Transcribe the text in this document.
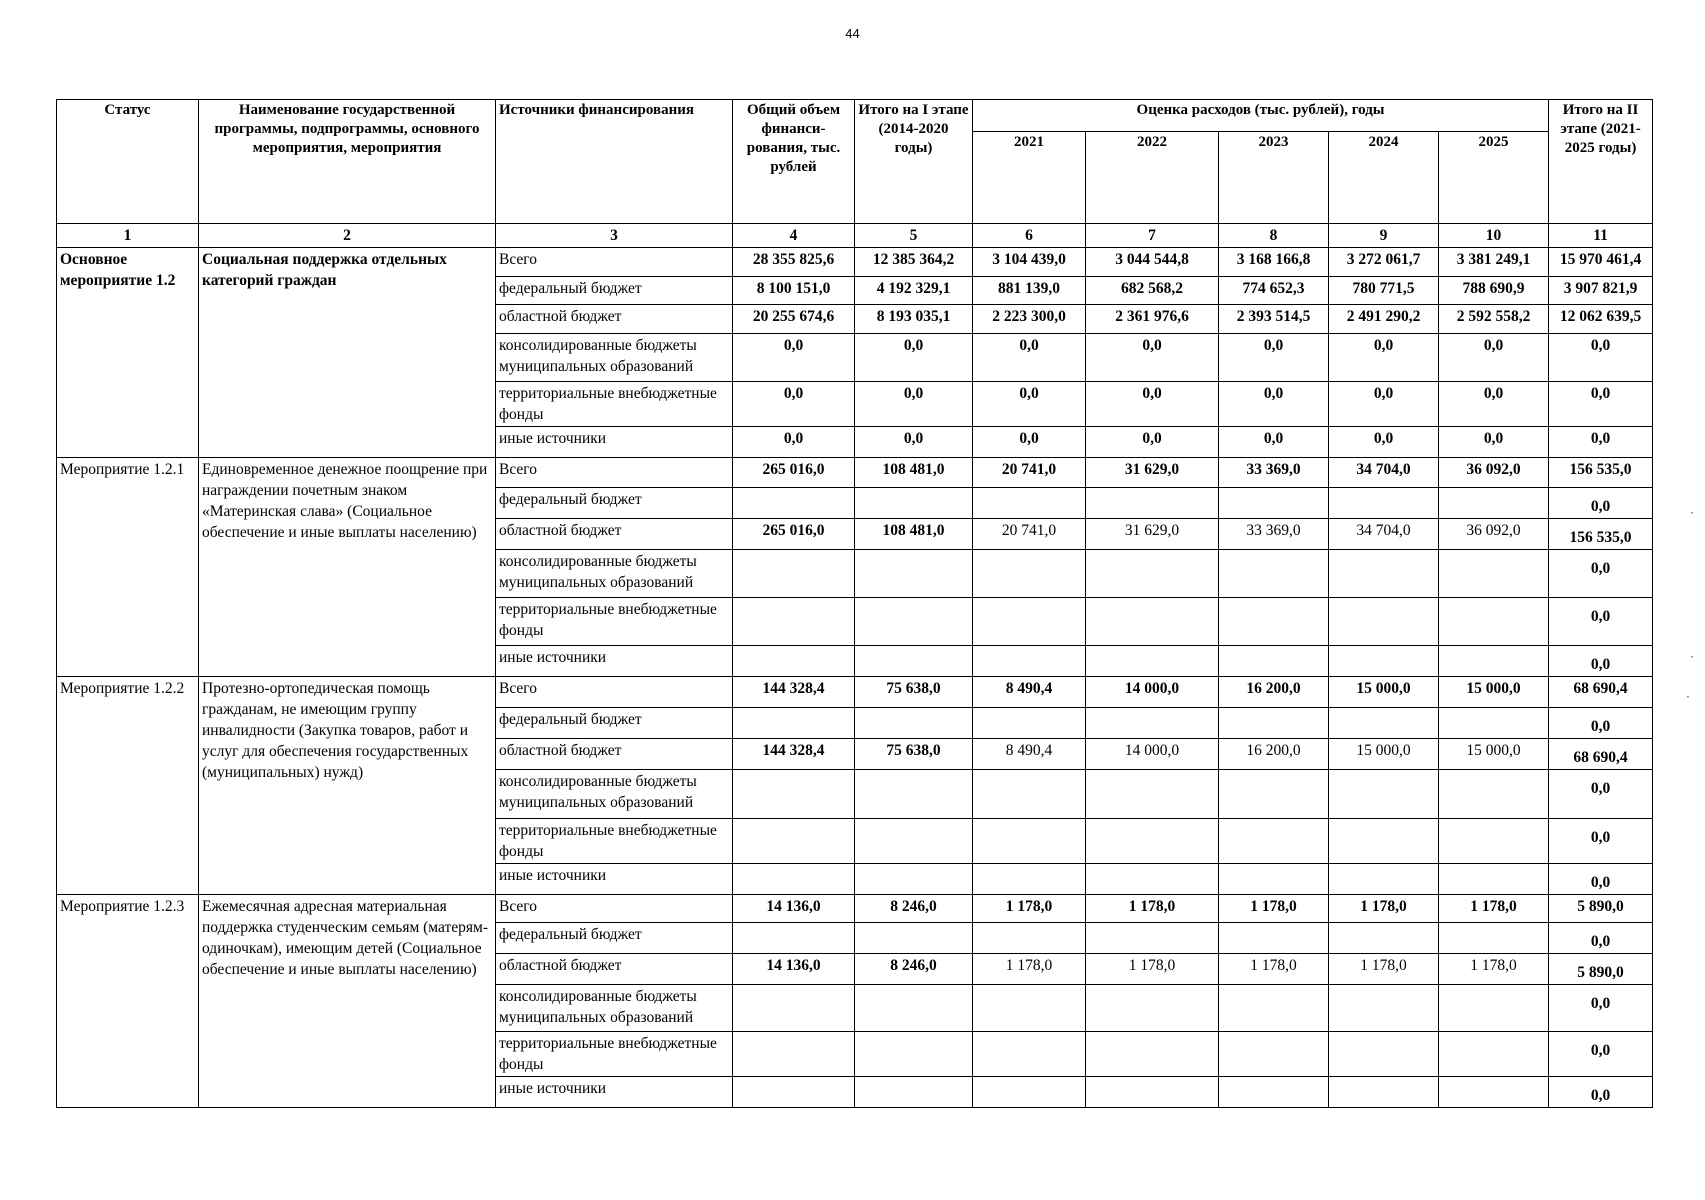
44
Статус	Наименование государственной программы, подпрограммы, основного мероприятия, мероприятия	Источники финансирования	Общий объем финанси-рования, тыс. рублей	Итого на I этапе (2014-2020 годы)	Оценка расходов (тыс. рублей), годы					Итого на II этапе (2021-2025 годы)
					2021	2022	2023	2024	2025	
1	2	3	4	5	6	7	8	9	10	11
Основное мероприятие 1.2	Социальная поддержка отдельных категорий граждан	Всего	28 355 825,6	12 385 364,2	3 104 439,0	3 044 544,8	3 168 166,8	3 272 061,7	3 381 249,1	15 970 461,4
		федеральный бюджет	8 100 151,0	4 192 329,1	881 139,0	682 568,2	774 652,3	780 771,5	788 690,9	3 907 821,9
		областной бюджет	20 255 674,6	8 193 035,1	2 223 300,0	2 361 976,6	2 393 514,5	2 491 290,2	2 592 558,2	12 062 639,5
		консолидированные бюджеты муниципальных образований	0,0	0,0	0,0	0,0	0,0	0,0	0,0	0,0
		территориальные внебюджетные фонды	0,0	0,0	0,0	0,0	0,0	0,0	0,0	0,0
		иные источники	0,0	0,0	0,0	0,0	0,0	0,0	0,0	0,0
Мероприятие 1.2.1	Единовременное денежное поощрение при награждении почетным знаком «Материнская слава» (Социальное обеспечение и иные выплаты населению)	Всего	265 016,0	108 481,0	20 741,0	31 629,0	33 369,0	34 704,0	36 092,0	156 535,0
		федеральный бюджет								0,0
		областной бюджет	265 016,0	108 481,0	20 741,0	31 629,0	33 369,0	34 704,0	36 092,0	156 535,0
		консолидированные бюджеты муниципальных образований								0,0
		территориальные внебюджетные фонды								0,0
		иные источники								0,0
Мероприятие 1.2.2	Протезно-ортопедическая помощь гражданам, не имеющим группу инвалидности (Закупка товаров, работ и услуг для обеспечения государственных (муниципальных) нужд)	Всего	144 328,4	75 638,0	8 490,4	14 000,0	16 200,0	15 000,0	15 000,0	68 690,4
		федеральный бюджет								0,0
		областной бюджет	144 328,4	75 638,0	8 490,4	14 000,0	16 200,0	15 000,0	15 000,0	68 690,4
		консолидированные бюджеты муниципальных образований								0,0
		территориальные внебюджетные фонды								0,0
		иные источники								0,0
Мероприятие 1.2.3	Ежемесячная адресная материальная поддержка студенческим семьям (матерям-одиночкам), имеющим детей (Социальное обеспечение и иные выплаты населению)	Всего	14 136,0	8 246,0	1 178,0	1 178,0	1 178,0	1 178,0	1 178,0	5 890,0
		федеральный бюджет								0,0
		областной бюджет	14 136,0	8 246,0	1 178,0	1 178,0	1 178,0	1 178,0	1 178,0	5 890,0
		консолидированные бюджеты муниципальных образований								0,0
		территориальные внебюджетные фонды								0,0
		иные источники								0,0
·
·
·
